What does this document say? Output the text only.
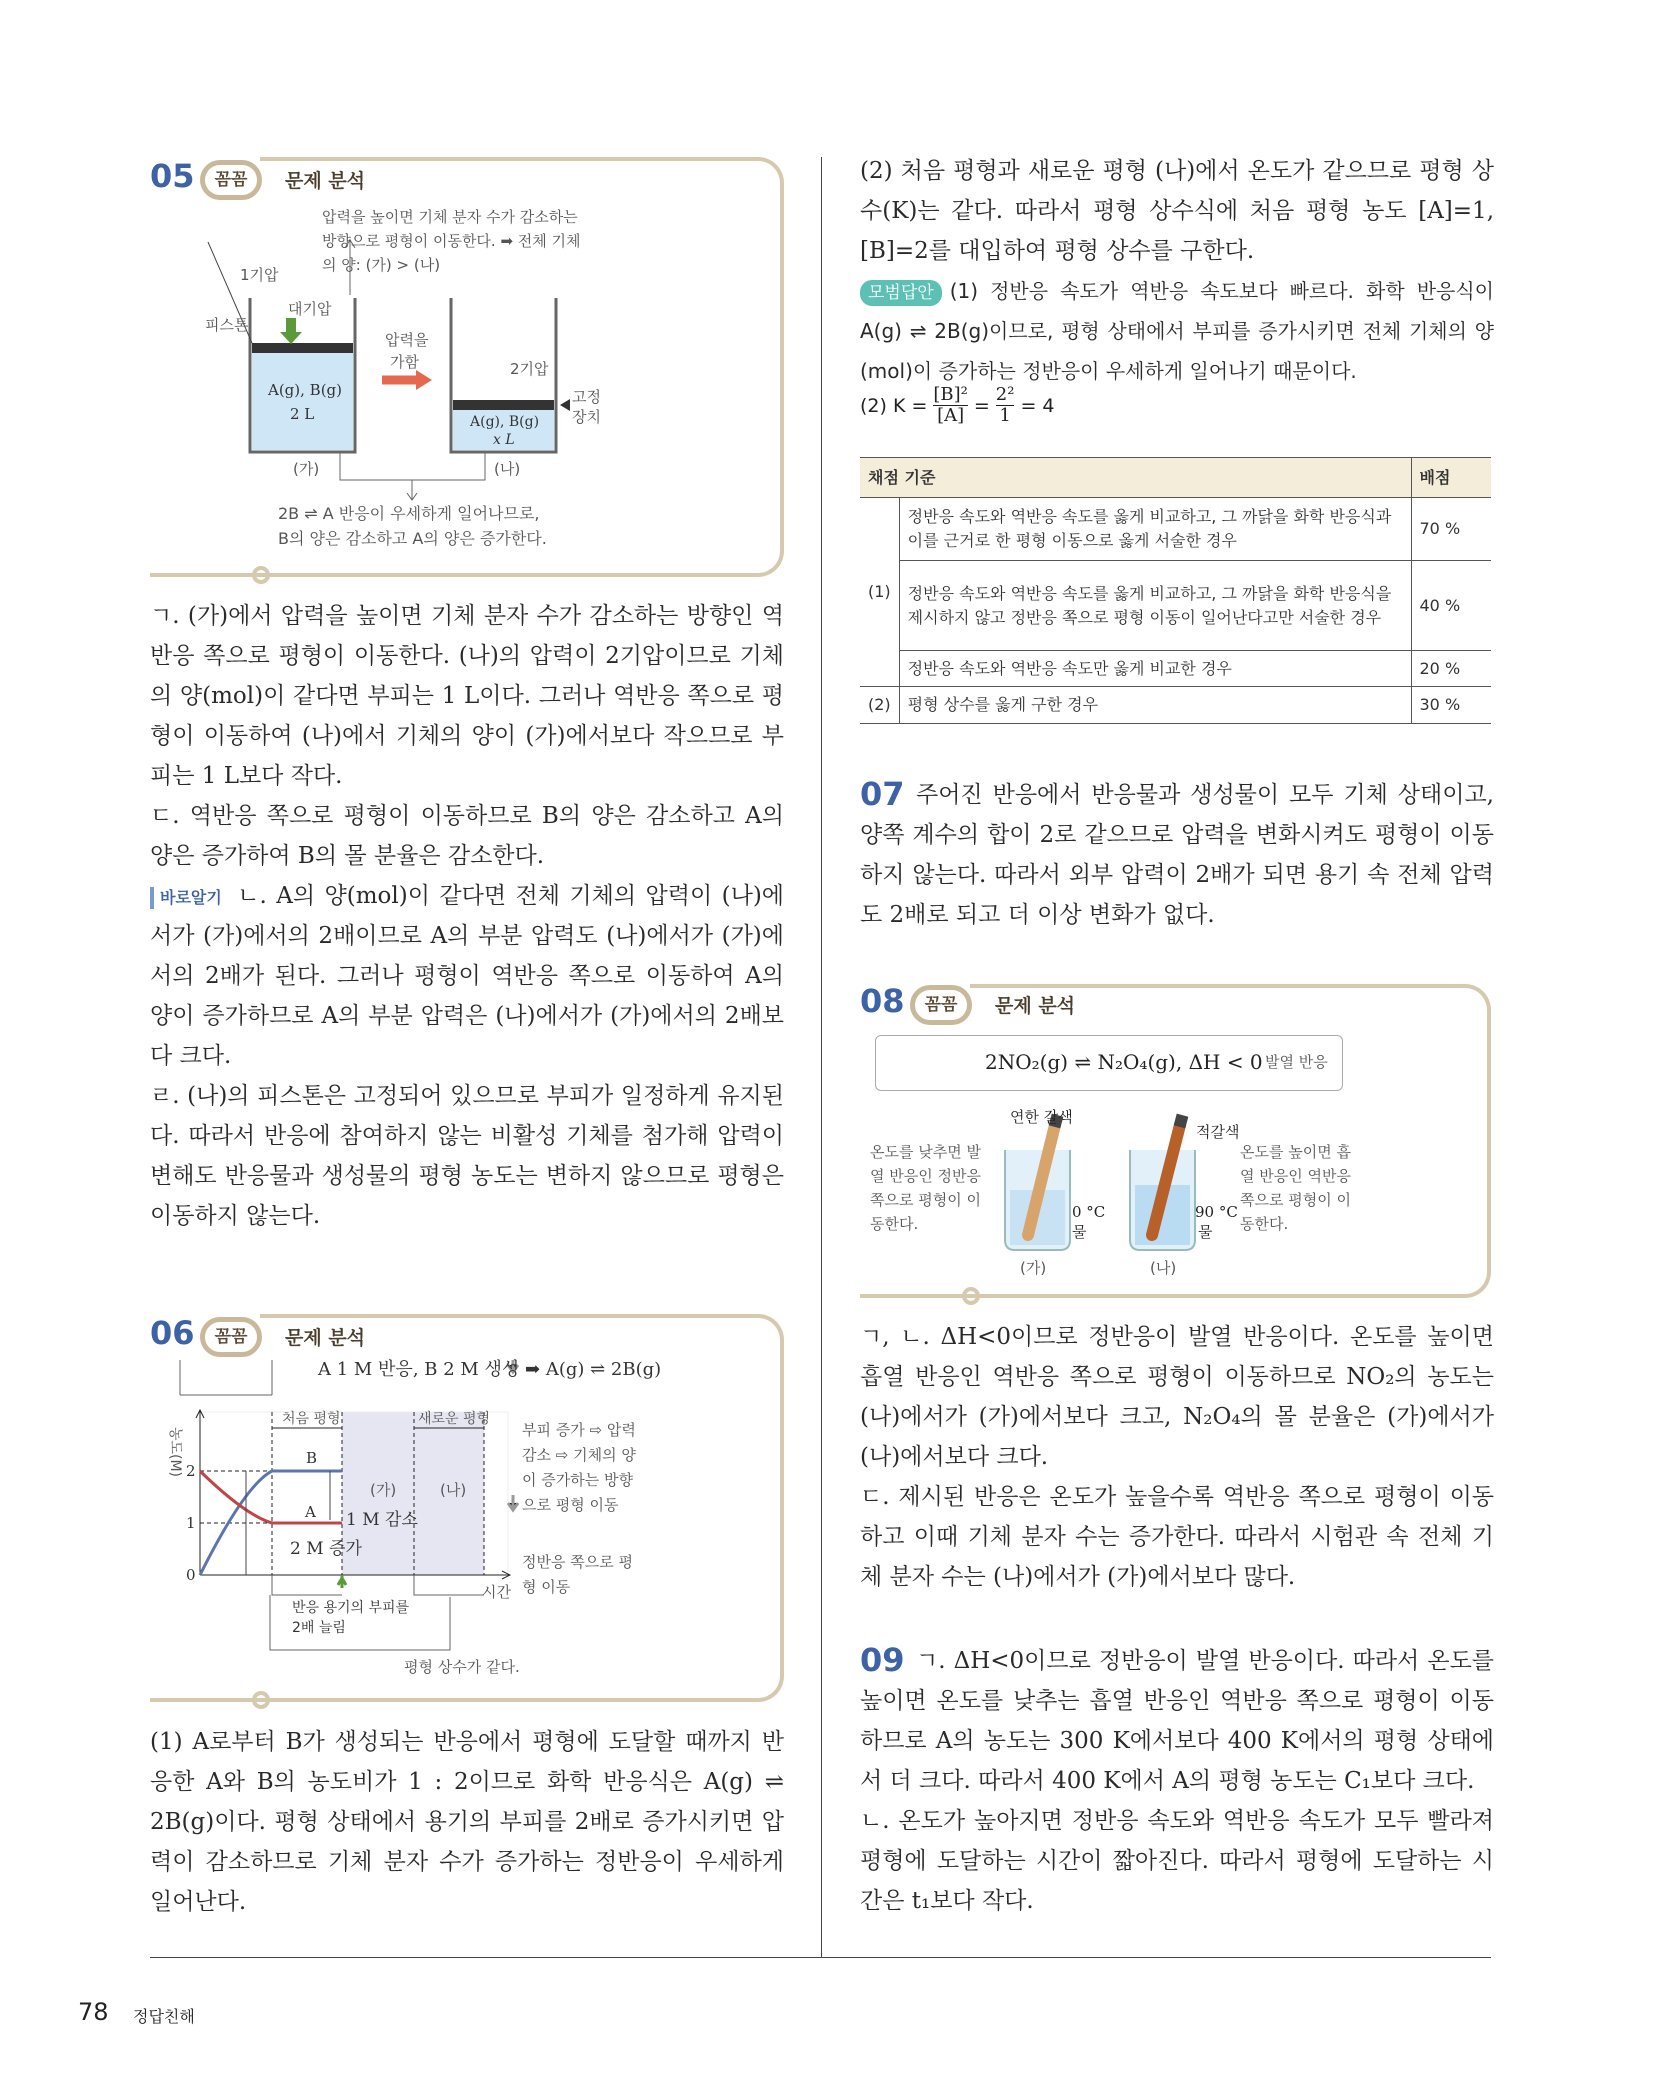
05	꼼꼼	문제 분석
압력을 높이면 기체 분자 수가 감소하는
방향으로 평형이 이동한다. ➡ 전체 기체
의 양: (가) > (나)
1기압
대기압
피스톤
A(g), B(g)
2 L
압력을
가함	2기압
고정
장치
A(g), B(g)
x L
(가)	(나)
2B ⇌ A 반응이 우세하게 일어나므로,
B의 양은 감소하고 A의 양은 증가한다.

ㄱ. (가)에서 압력을 높이면 기체 분자 수가 감소하는 방향인 역반응 쪽으로 평형이 이동한다. (나)의 압력이 2기압이므로 기체의 양(mol)이 같다면 부피는 1 L이다. 그러나 역반응 쪽으로 평형이 이동하여 (나)에서 기체의 양이 (가)에서보다 작으므로 부피는 1 L보다 작다.

ㄷ. 역반응 쪽으로 평형이 이동하므로 B의 양은 감소하고 A의 양은 증가하여 B의 몰 분율은 감소한다.

바로알기 ㄴ. A의 양(mol)이 같다면 전체 기체의 압력이 (나)에서가 (가)에서의 2배이므로 A의 부분 압력도 (나)에서가 (가)에서의 2배가 된다. 그러나 평형이 역반응 쪽으로 이동하여 A의 양이 증가하므로 A의 부분 압력은 (나)에서가 (가)에서의 2배보다 크다.

ㄹ. (나)의 피스톤은 고정되어 있으므로 부피가 일정하게 유지된다. 따라서 반응에 참여하지 않는 비활성 기체를 첨가해 압력이 변해도 반응물과 생성물의 평형 농도는 변하지 않으므로 평형은 이동하지 않는다.

06	꼼꼼	문제 분석
A 1 M 반응, B 2 M 생성 ➡ A(g) ⇌ 2B(g)
부피 증가 ⇨ 압력
감소 ⇨ 기체의 양
이 증가하는 방향
으로 평형 이동
정반응 쪽으로 평
형 이동
처음 평형	새로운 평형
B
A
(가)	(나)
1 M 감소
2 M 증가
농도(M) 2
1
0
시간
반응 용기의 부피를
2배 늘림
평형 상수가 같다.
(1) A로부터 B가 생성되는 반응에서 평형에 도달할 때까지 반응한 A와 B의 농도비가 1 : 2이므로 화학 반응식은 A(g) ⇌ 2B(g)이다. 평형 상태에서 용기의 부피를 2배로 증가시키면 압력이 감소하므로 기체 분자 수가 증가하는 정반응이 우세하게 일어난다.
(2) 처음 평형과 새로운 평형 (나)에서 온도가 같으므로 평형 상수(K)는 같다. 따라서 평형 상수식에 처음 평형 농도 [A]=1, [B]=2를 대입하여 평형 상수를 구한다.
모범답안 (1) 정반응 속도가 역반응 속도보다 빠르다. 화학 반응식이 A(g) ⇌ 2B(g)이므로, 평형 상태에서 부피를 증가시키면 전체 기체의 양(mol)이 증가하는 정반응이 우세하게 일어나기 때문이다.
(2) $K = \frac{\text{[B]²}}{[A]} = \frac{\text{2²}}{1} = 4$
채점 기준		배점
(1)	정반응 속도와 역반응 속도를 옳게 비교하고, 그 까닭을 화학 반응식과 이를 근거로 한 평형 이동으로 옳게 서술한 경우	70 %
	정반응 속도와 역반응 속도를 옳게 비교하고, 그 까닭을 화학 반응식을 제시하지 않고 정반응 쪽으로 평형 이동이 일어난다고만 서술한 경우	40 %
	정반응 속도와 역반응 속도만 옳게 비교한 경우	20 %
(2)	평형 상수를 옳게 구한 경우	30 %
07 주어진 반응에서 반응물과 생성물이 모두 기체 상태이고, 양쪽 계수의 합이 2로 같으므로 압력을 변화시켜도 평형이 이동하지 않는다. 따라서 외부 압력이 2배가 되면 용기 속 전체 압력도 2배로 되고 더 이상 변화가 없다.
08	꼼꼼	문제 분석
2NO₂(g) ⇌ N₂O₄(g), ΔH < 0 발열 반응
연한 갈색
적갈색
온도를 낮추면 발
열 반응인 정반응
쪽으로 평형이 이
동한다.
온도를 높이면 흡
열 반응인 역반응
쪽으로 평형이 이
동한다.
0 °C
물
90 °C
물
(가)	(나)

ㄱ, ㄴ. ΔH<0이므로 정반응이 발열 반응이다. 온도를 높이면 흡열 반응인 역반응 쪽으로 평형이 이동하므로 NO₂의 농도는 (나)에서가 (가)에서보다 크고, N₂O₄의 몰 분율은 (가)에서가 (나)에서보다 크다.

ㄷ. 제시된 반응은 온도가 높을수록 역반응 쪽으로 평형이 이동하고 이때 기체 분자 수는 증가한다. 따라서 시험관 속 전체 기체 분자 수는 (나)에서가 (가)에서보다 많다.

09 ㄱ. ΔH<0이므로 정반응이 발열 반응이다. 따라서 온도를 높이면 온도를 낮추는 흡열 반응인 역반응 쪽으로 평형이 이동하므로 A의 농도는 300 K에서보다 400 K에서의 평형 상태에서 더 크다. 따라서 400 K에서 A의 평형 농도는 C₁보다 크다.

ㄴ. 온도가 높아지면 정반응 속도와 역반응 속도가 모두 빨라져 평형에 도달하는 시간이 짧아진다. 따라서 평형에 도달하는 시간은 t₁보다 작다.

78 정답친해
